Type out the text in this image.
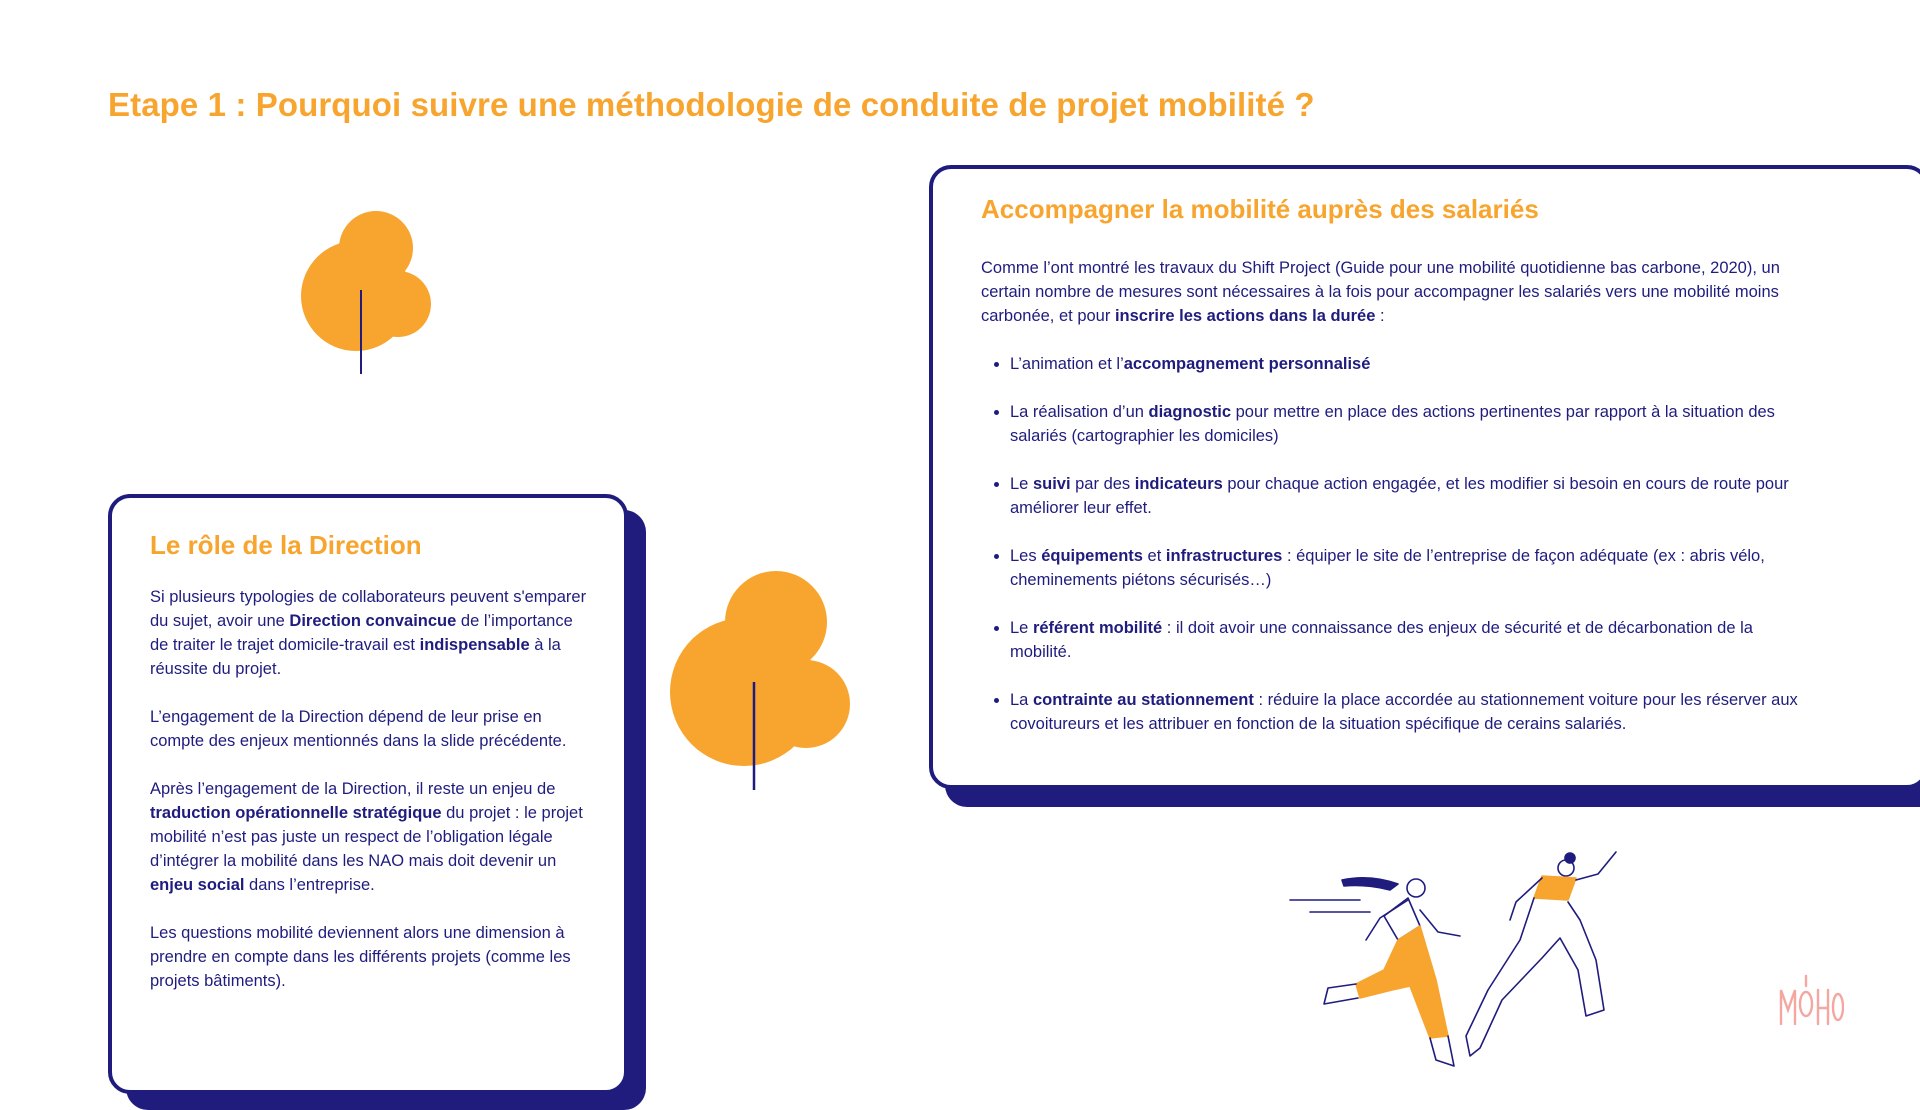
Etape 1 : Pourquoi suivre une méthodologie de conduite de projet mobilité ?
Le rôle de la Direction

Si plusieurs typologies de collaborateurs peuvent s'emparer du sujet, avoir une Direction convaincue de l’importance de traiter le trajet domicile-travail est indispensable à la réussite du projet.

L’engagement de la Direction dépend de leur prise en compte des enjeux mentionnés dans la slide précédente.

Après l’engagement de la Direction, il reste un enjeu de traduction opérationnelle stratégique du projet : le projet mobilité n’est pas juste un respect de l’obligation légale d’intégrer la mobilité dans les NAO mais doit devenir un enjeu social dans l’entreprise.

Les questions mobilité deviennent alors une dimension à prendre en compte dans les différents projets (comme les projets bâtiments).

Accompagner la mobilité auprès des salariés

Comme l’ont montré les travaux du Shift Project (Guide pour une mobilité quotidienne bas carbone, 2020), un certain nombre de mesures sont nécessaires à la fois pour accompagner les salariés vers une mobilité moins carbonée, et pour inscrire les actions dans la durée :

• L’animation et l’accompagnement personnalisé
• La réalisation d’un diagnostic pour mettre en place des actions pertinentes par rapport à la situation des salariés (cartographier les domiciles)
• Le suivi par des indicateurs pour chaque action engagée, et les modifier si besoin en cours de route pour améliorer leur effet.
• Les équipements et infrastructures : équiper le site de l’entreprise de façon adéquate (ex : abris vélo, cheminements piétons sécurisés…)
• Le référent mobilité : il doit avoir une connaissance des enjeux de sécurité et de décarbonation de la mobilité.
• La contrainte au stationnement : réduire la place accordée au stationnement voiture pour les réserver aux covoitureurs et les attribuer en fonction de la situation spécifique de cerains salariés.
